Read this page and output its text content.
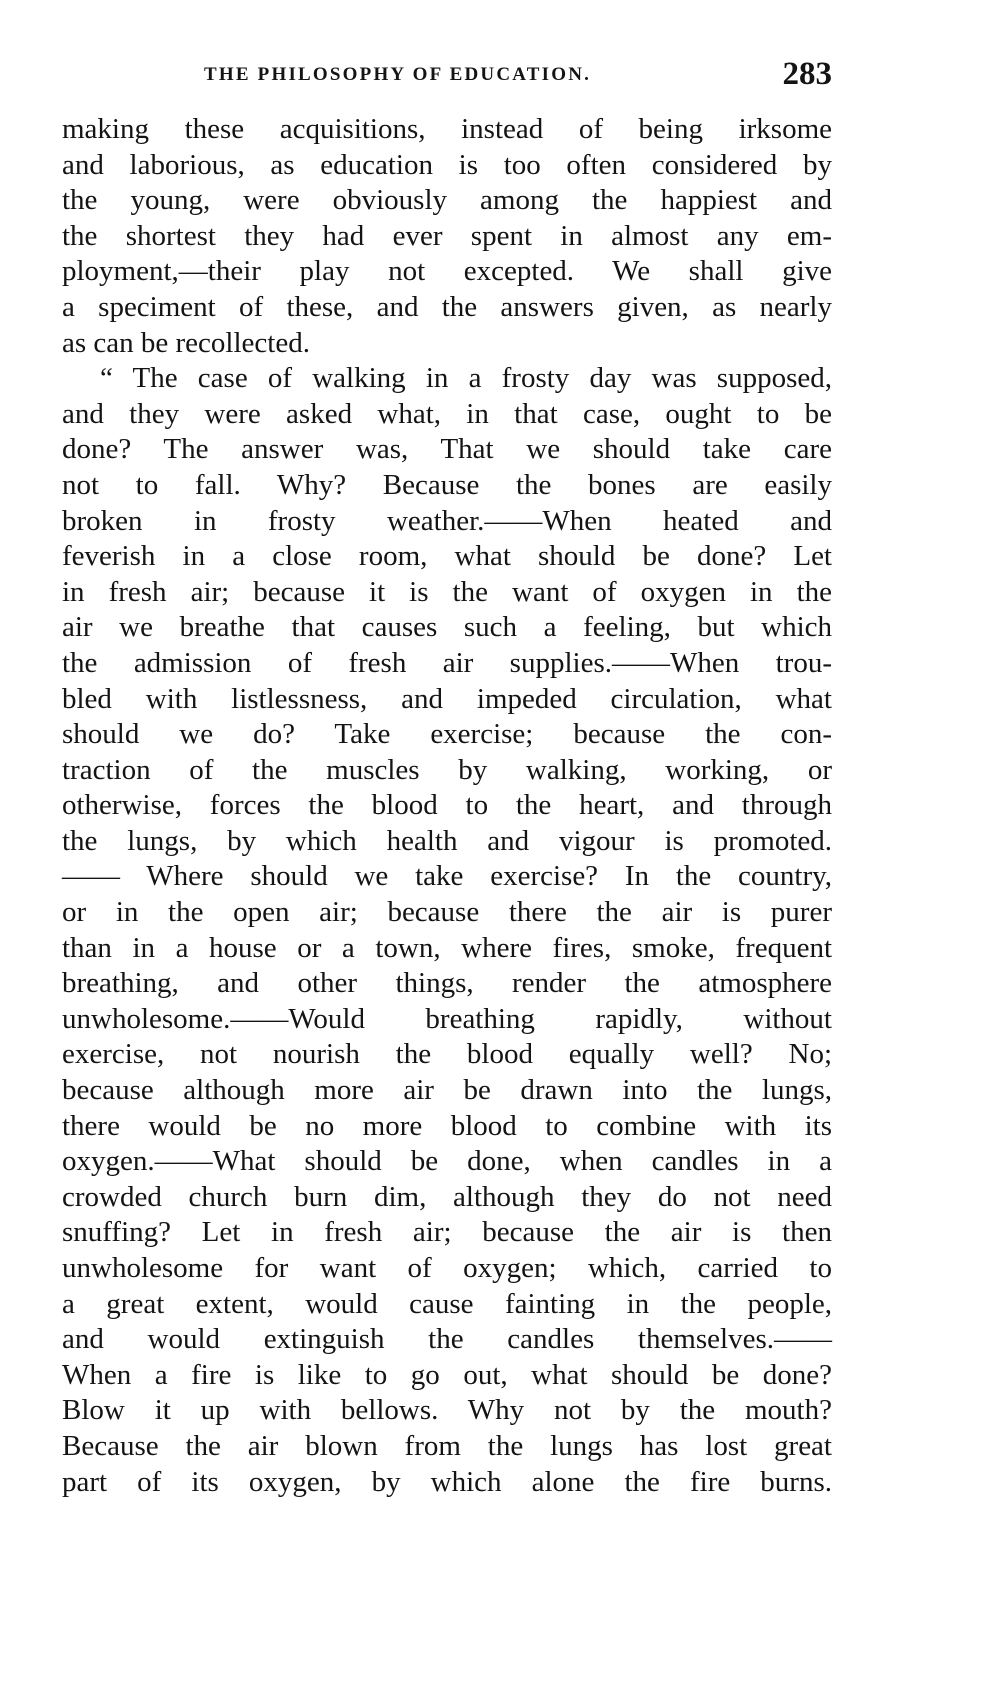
THE PHILOSOPHY OF EDUCATION.	283
making these acquisitions, instead of being irksome
and laborious, as education is too often considered by
the young, were obviously among the happiest and
the shortest they had ever spent in almost any em-
ployment,—their play not excepted. We shall give
a speciment of these, and the answers given, as nearly
as can be recollected.
“ The case of walking in a frosty day was supposed,
and they were asked what, in that case, ought to be
done? The answer was, That we should take care
not to fall. Why? Because the bones are easily
broken in frosty weather.——When heated and
feverish in a close room, what should be done? Let
in fresh air; because it is the want of oxygen in the
air we breathe that causes such a feeling, but which
the admission of fresh air supplies.——When trou-
bled with listlessness, and impeded circulation, what
should we do? Take exercise; because the con-
traction of the muscles by walking, working, or
otherwise, forces the blood to the heart, and through
the lungs, by which health and vigour is promoted.
—— Where should we take exercise? In the country,
or in the open air; because there the air is purer
than in a house or a town, where fires, smoke, frequent
breathing, and other things, render the atmosphere
unwholesome.——Would breathing rapidly, without
exercise, not nourish the blood equally well? No;
because although more air be drawn into the lungs,
there would be no more blood to combine with its
oxygen.——What should be done, when candles in a
crowded church burn dim, although they do not need
snuffing? Let in fresh air; because the air is then
unwholesome for want of oxygen; which, carried to
a great extent, would cause fainting in the people,
and would extinguish the candles themselves.——
When a fire is like to go out, what should be done?
Blow it up with bellows. Why not by the mouth?
Because the air blown from the lungs has lost great
part of its oxygen, by which alone the fire burns.
